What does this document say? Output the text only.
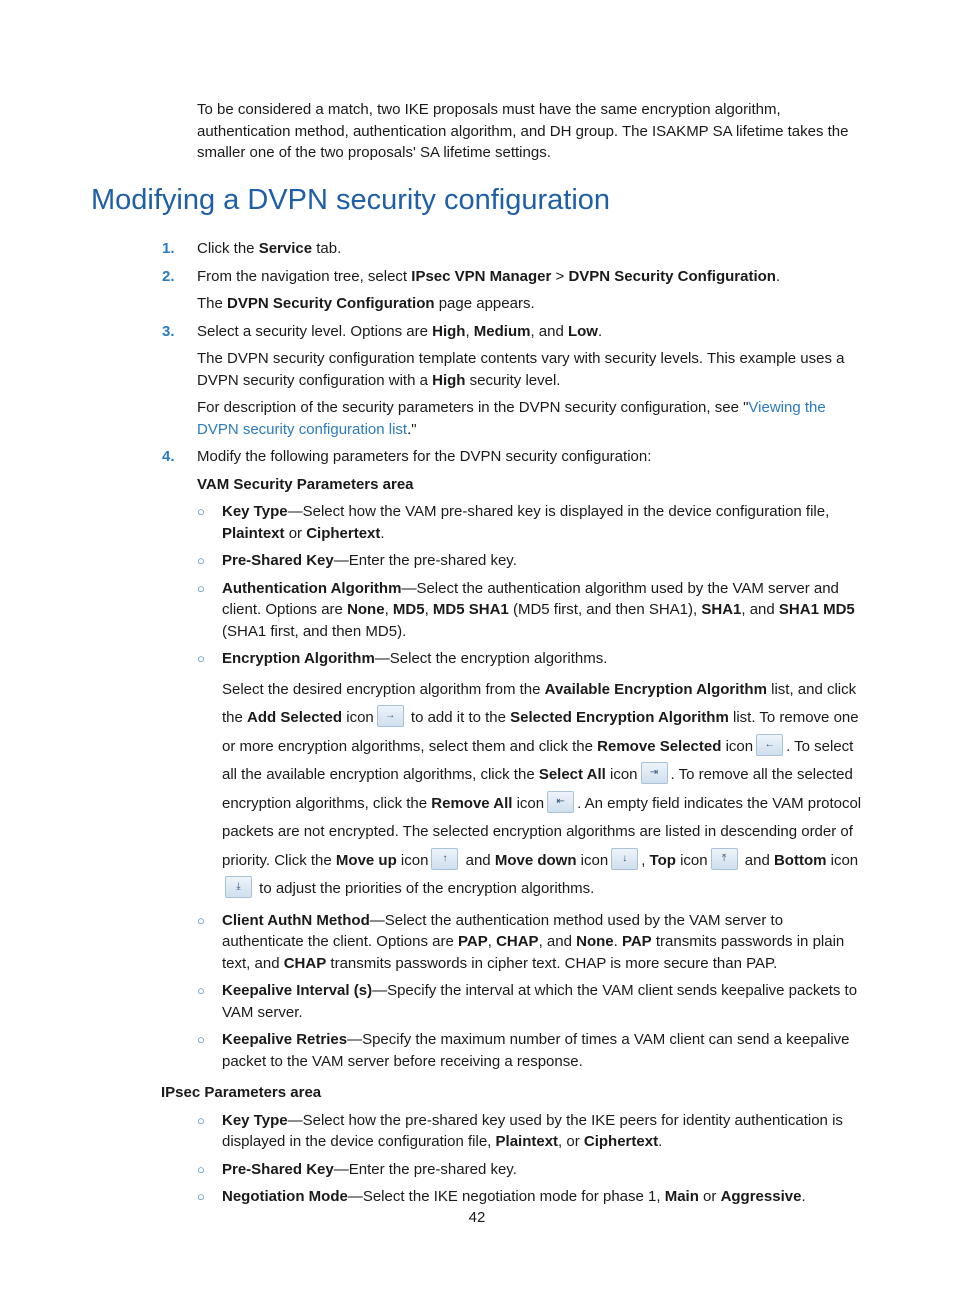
To be considered a match, two IKE proposals must have the same encryption algorithm, authentication method, authentication algorithm, and DH group. The ISAKMP SA lifetime takes the smaller one of the two proposals' SA lifetime settings.

Modifying a DVPN security configuration
1. Click the Service tab.
2. From the navigation tree, select IPsec VPN Manager > DVPN Security Configuration.

The DVPN Security Configuration page appears.

3. Select a security level. Options are High, Medium, and Low.

The DVPN security configuration template contents vary with security levels. This example uses a DVPN security configuration with a High security level.

For description of the security parameters in the DVPN security configuration, see "Viewing the DVPN security configuration list."

4. Modify the following parameters for the DVPN security configuration:

VAM Security Parameters area

○ Key Type—Select how the VAM pre-shared key is displayed in the device configuration file, Plaintext or Ciphertext.
○ Pre-Shared Key—Enter the pre-shared key.
○ Authentication Algorithm—Select the authentication algorithm used by the VAM server and client. Options are None, MD5, MD5 SHA1 (MD5 first, and then SHA1), SHA1, and SHA1 MD5 (SHA1 first, and then MD5).
○ Encryption Algorithm—Select the encryption algorithms.

Select the desired encryption algorithm from the Available Encryption Algorithm list, and click the Add Selected icon → to add it to the Selected Encryption Algorithm list. To remove one or more encryption algorithms, select them and click the Remove Selected icon ← . To select all the available encryption algorithms, click the Select All icon ⇥ . To remove all the selected encryption algorithms, click the Remove All icon ⇤ . An empty field indicates the VAM protocol packets are not encrypted. The selected encryption algorithms are listed in descending order of priority. Click the Move up icon ↑ and Move down icon ↓ , Top icon ⤒ and Bottom icon⤓ to adjust the priorities of the encryption algorithms.

○ Client AuthN Method—Select the authentication method used by the VAM server to authenticate the client. Options are PAP, CHAP, and None. PAP transmits passwords in plain text, and CHAP transmits passwords in cipher text. CHAP is more secure than PAP.
○ Keepalive Interval (s)—Specify the interval at which the VAM client sends keepalive packets to VAM server.
○ Keepalive Retries—Specify the maximum number of times a VAM client can send a keepalive packet to the VAM server before receiving a response.

IPsec Parameters area

○ Key Type—Select how the pre-shared key used by the IKE peers for identity authentication is displayed in the device configuration file, Plaintext, or Ciphertext.
○ Pre-Shared Key—Enter the pre-shared key.
○ Negotiation Mode—Select the IKE negotiation mode for phase 1, Main or Aggressive.
42
